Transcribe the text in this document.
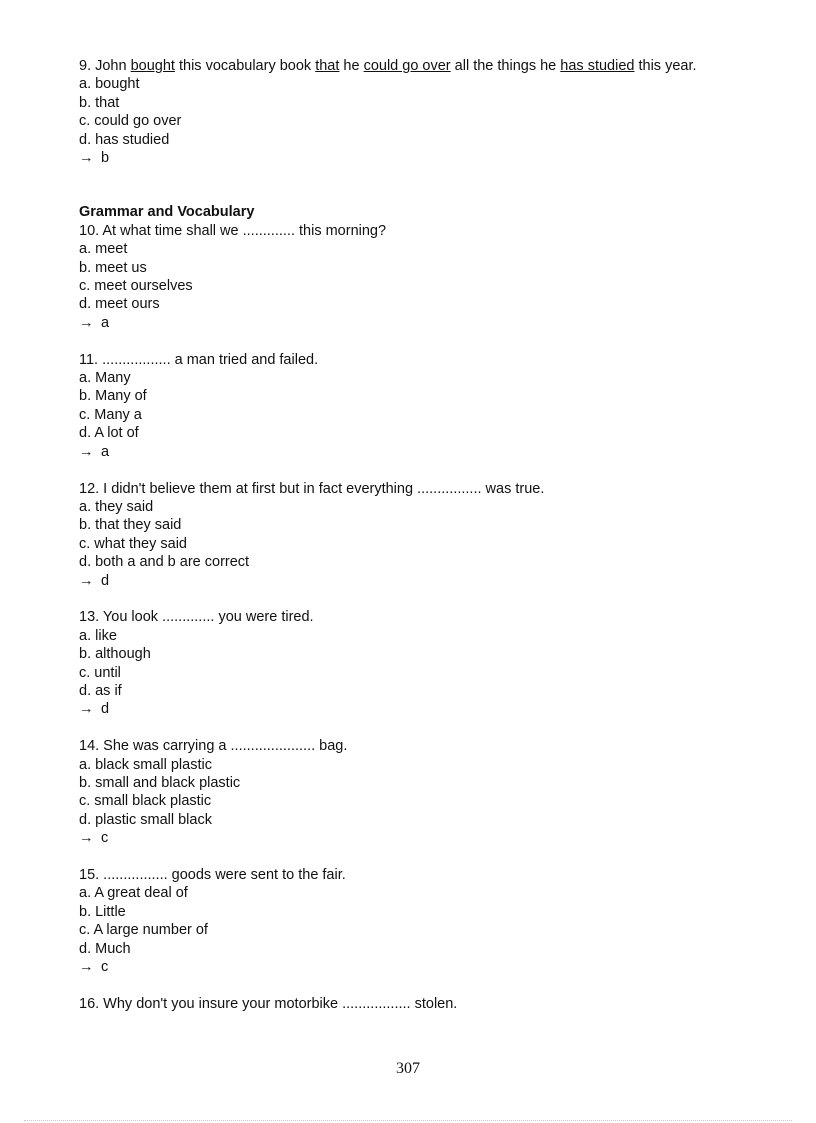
9. John bought this vocabulary book that he could go over all the things he has studied this year.

a. bought

b. that

c. could go over

d. has studied

→ b

Grammar and Vocabulary

10. At what time shall we ............. this morning?

a. meet

b. meet us

c. meet ourselves

d. meet ours

→ a

11. ................. a man tried and failed.

a. Many

b. Many of

c. Many a

d. A lot of

→ a

12. I didn't believe them at first but in fact everything ................ was true.

a. they said

b. that they said

c. what they said

d. both a and b are correct

→ d

13. You look ............. you were tired.

a. like

b. although

c. until

d. as if

→ d

14. She was carrying a ..................... bag.

a. black small plastic

b. small and black plastic

c. small black plastic

d. plastic small black

→ c

15. ................ goods were sent to the fair.

a. A great deal of

b. Little

c. A large number of

d. Much

→ c

16. Why don't you insure your motorbike ................. stolen.

307
